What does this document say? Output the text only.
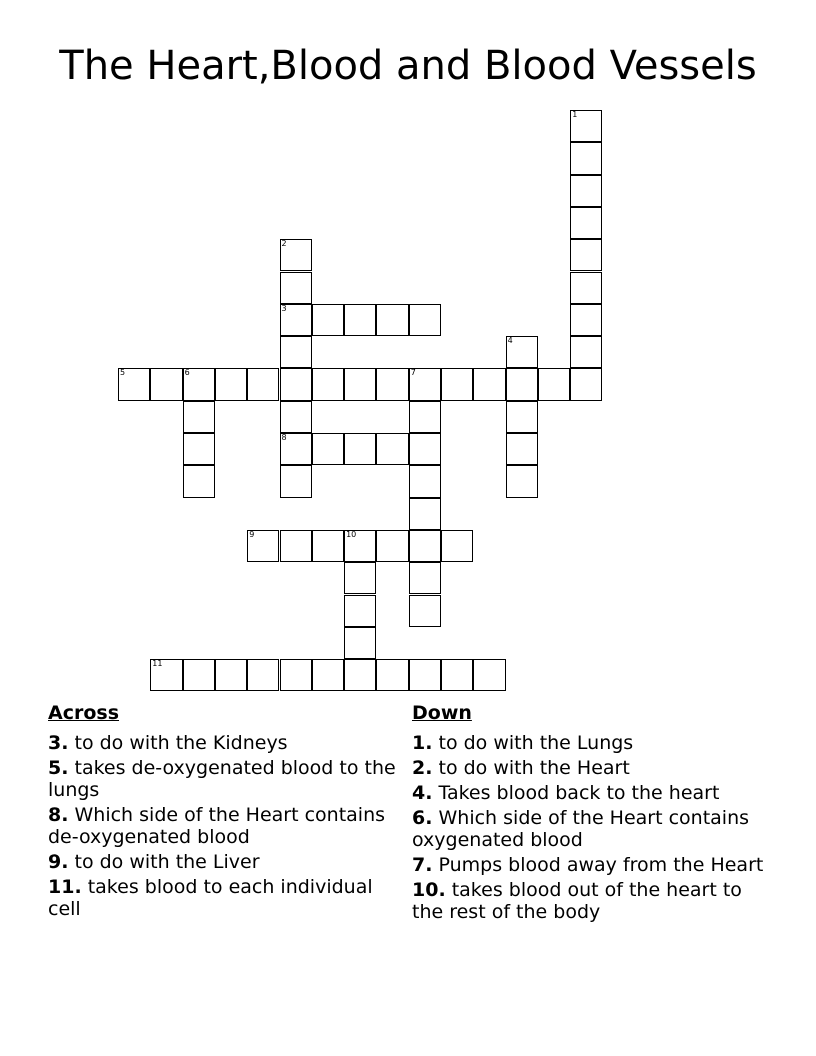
The Heart,Blood and Blood Vessels
1
2
3
8
4
5	6	7
9	10
11
Across
3. to do with the Kidneys
5. takes de-oxygenated blood to the lungs
8. Which side of the Heart contains de-oxygenated blood
9. to do with the Liver
11. takes blood to each individual cell
Down
1. to do with the Lungs
2. to do with the Heart
4. Takes blood back to the heart
6. Which side of the Heart contains oxygenated blood
7. Pumps blood away from the Heart
10. takes blood out of the heart to the rest of the body
